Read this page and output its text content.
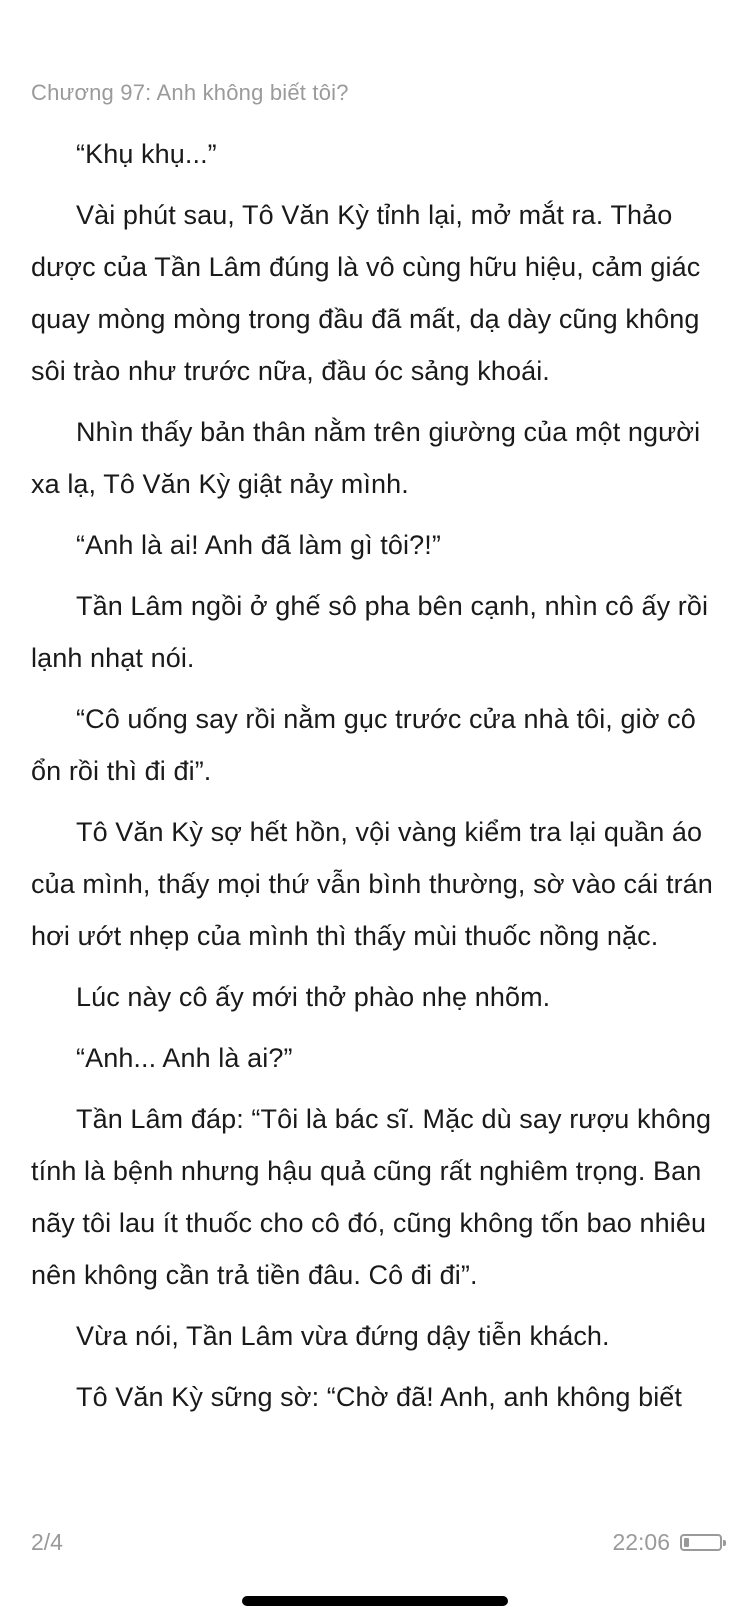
Chương 97: Anh không biết tôi?

“Khụ khụ...”

Vài phút sau, Tô Văn Kỳ tỉnh lại, mở mắt ra. Thảo dược của Tần Lâm đúng là vô cùng hữu hiệu, cảm giác quay mòng mòng trong đầu đã mất, dạ dày cũng không sôi trào như trước nữa, đầu óc sảng khoái.

Nhìn thấy bản thân nằm trên giường của một người xa lạ, Tô Văn Kỳ giật nảy mình.

“Anh là ai! Anh đã làm gì tôi?!”

Tần Lâm ngồi ở ghế sô pha bên cạnh, nhìn cô ấy rồi lạnh nhạt nói.

“Cô uống say rồi nằm gục trước cửa nhà tôi, giờ cô ổn rồi thì đi đi”.

Tô Văn Kỳ sợ hết hồn, vội vàng kiểm tra lại quần áo của mình, thấy mọi thứ vẫn bình thường, sờ vào cái trán hơi ướt nhẹp của mình thì thấy mùi thuốc nồng nặc.

Lúc này cô ấy mới thở phào nhẹ nhõm.

“Anh... Anh là ai?”

Tần Lâm đáp: “Tôi là bác sĩ. Mặc dù say rượu không tính là bệnh nhưng hậu quả cũng rất nghiêm trọng. Ban nãy tôi lau ít thuốc cho cô đó, cũng không tốn bao nhiêu nên không cần trả tiền đâu. Cô đi đi”.

Vừa nói, Tần Lâm vừa đứng dậy tiễn khách.

Tô Văn Kỳ sững sờ: “Chờ đã! Anh, anh không biết

2/4	22:06
